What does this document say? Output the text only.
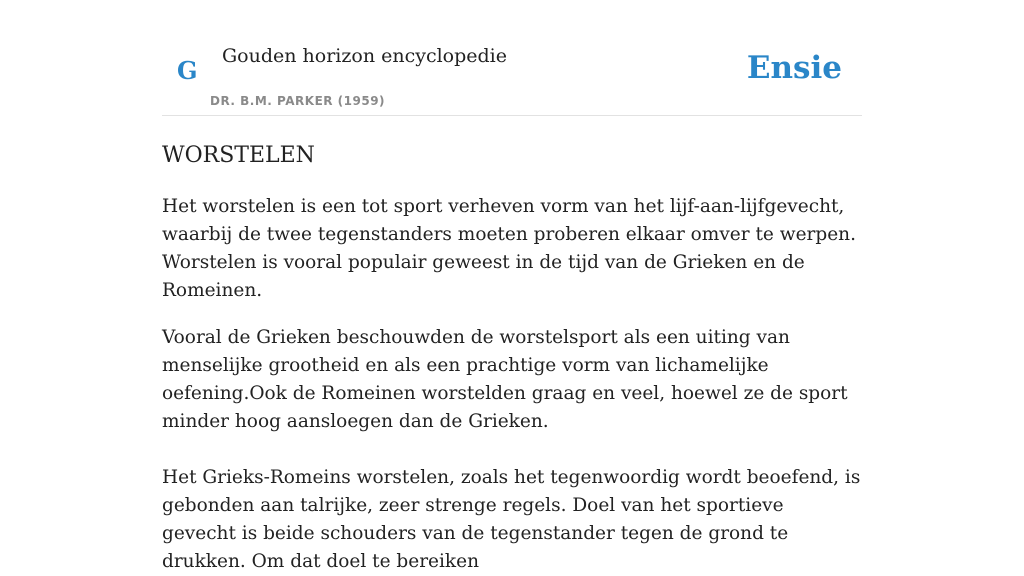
G Gouden horizon encyclopedie
DR. B.M. PARKER (1959)
Ensie
WORSTELEN

Het worstelen is een tot sport verheven vorm van het lijf-aan-lijfgevecht, waarbij de twee tegenstanders moeten proberen elkaar omver te werpen. Worstelen is vooral populair geweest in de tijd van de Grieken en de Romeinen.

Vooral de Grieken beschouwden de worstelsport als een uiting van menselijke grootheid en als een prachtige vorm van lichamelijke oefening.Ook de Romeinen worstelden graag en veel, hoewel ze de sport minder hoog aansloegen dan de Grieken.

Het Grieks-Romeins worstelen, zoals het tegenwoordig wordt beoefend, is gebonden aan talrijke, zeer strenge regels. Doel van het sportieve gevecht is beide schouders van de tegenstander tegen de grond te drukken. Om dat doel te bereiken
